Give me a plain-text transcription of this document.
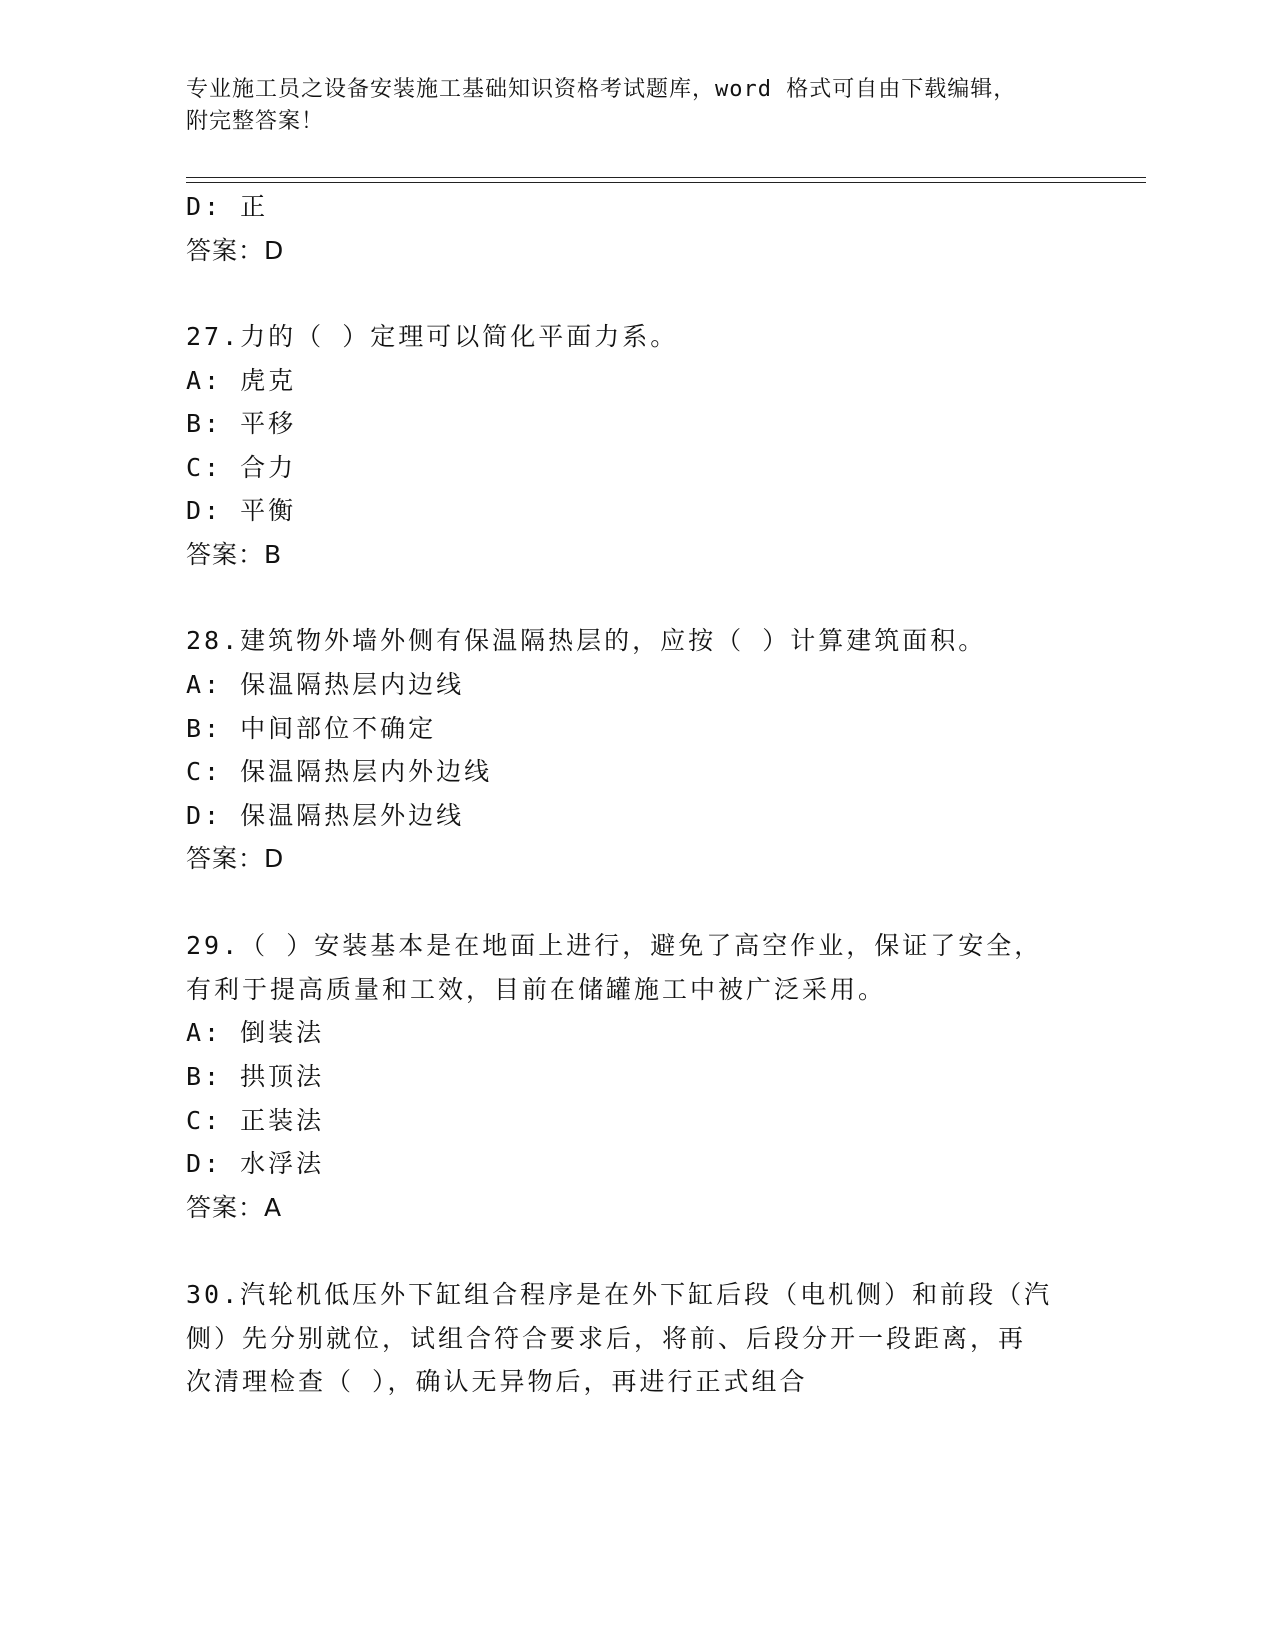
专业施工员之设备安装施工基础知识资格考试题库，word 格式可自由下载编辑，
附完整答案！
D: 正
答案：D
27.力的（ ）定理可以简化平面力系。
A: 虎克
B: 平移
C: 合力
D: 平衡
答案：B
28.建筑物外墙外侧有保温隔热层的，应按（ ）计算建筑面积。
A: 保温隔热层内边线
B: 中间部位不确定
C: 保温隔热层内外边线
D: 保温隔热层外边线
答案：D
29.（ ）安装基本是在地面上进行，避免了高空作业，保证了安全，
有利于提高质量和工效，目前在储罐施工中被广泛采用。
A: 倒装法
B: 拱顶法
C: 正装法
D: 水浮法
答案：A
30.汽轮机低压外下缸组合程序是在外下缸后段（电机侧）和前段（汽
侧）先分别就位，试组合符合要求后，将前、后段分开一段距离，再
次清理检查（ ），确认无异物后，再进行正式组合
